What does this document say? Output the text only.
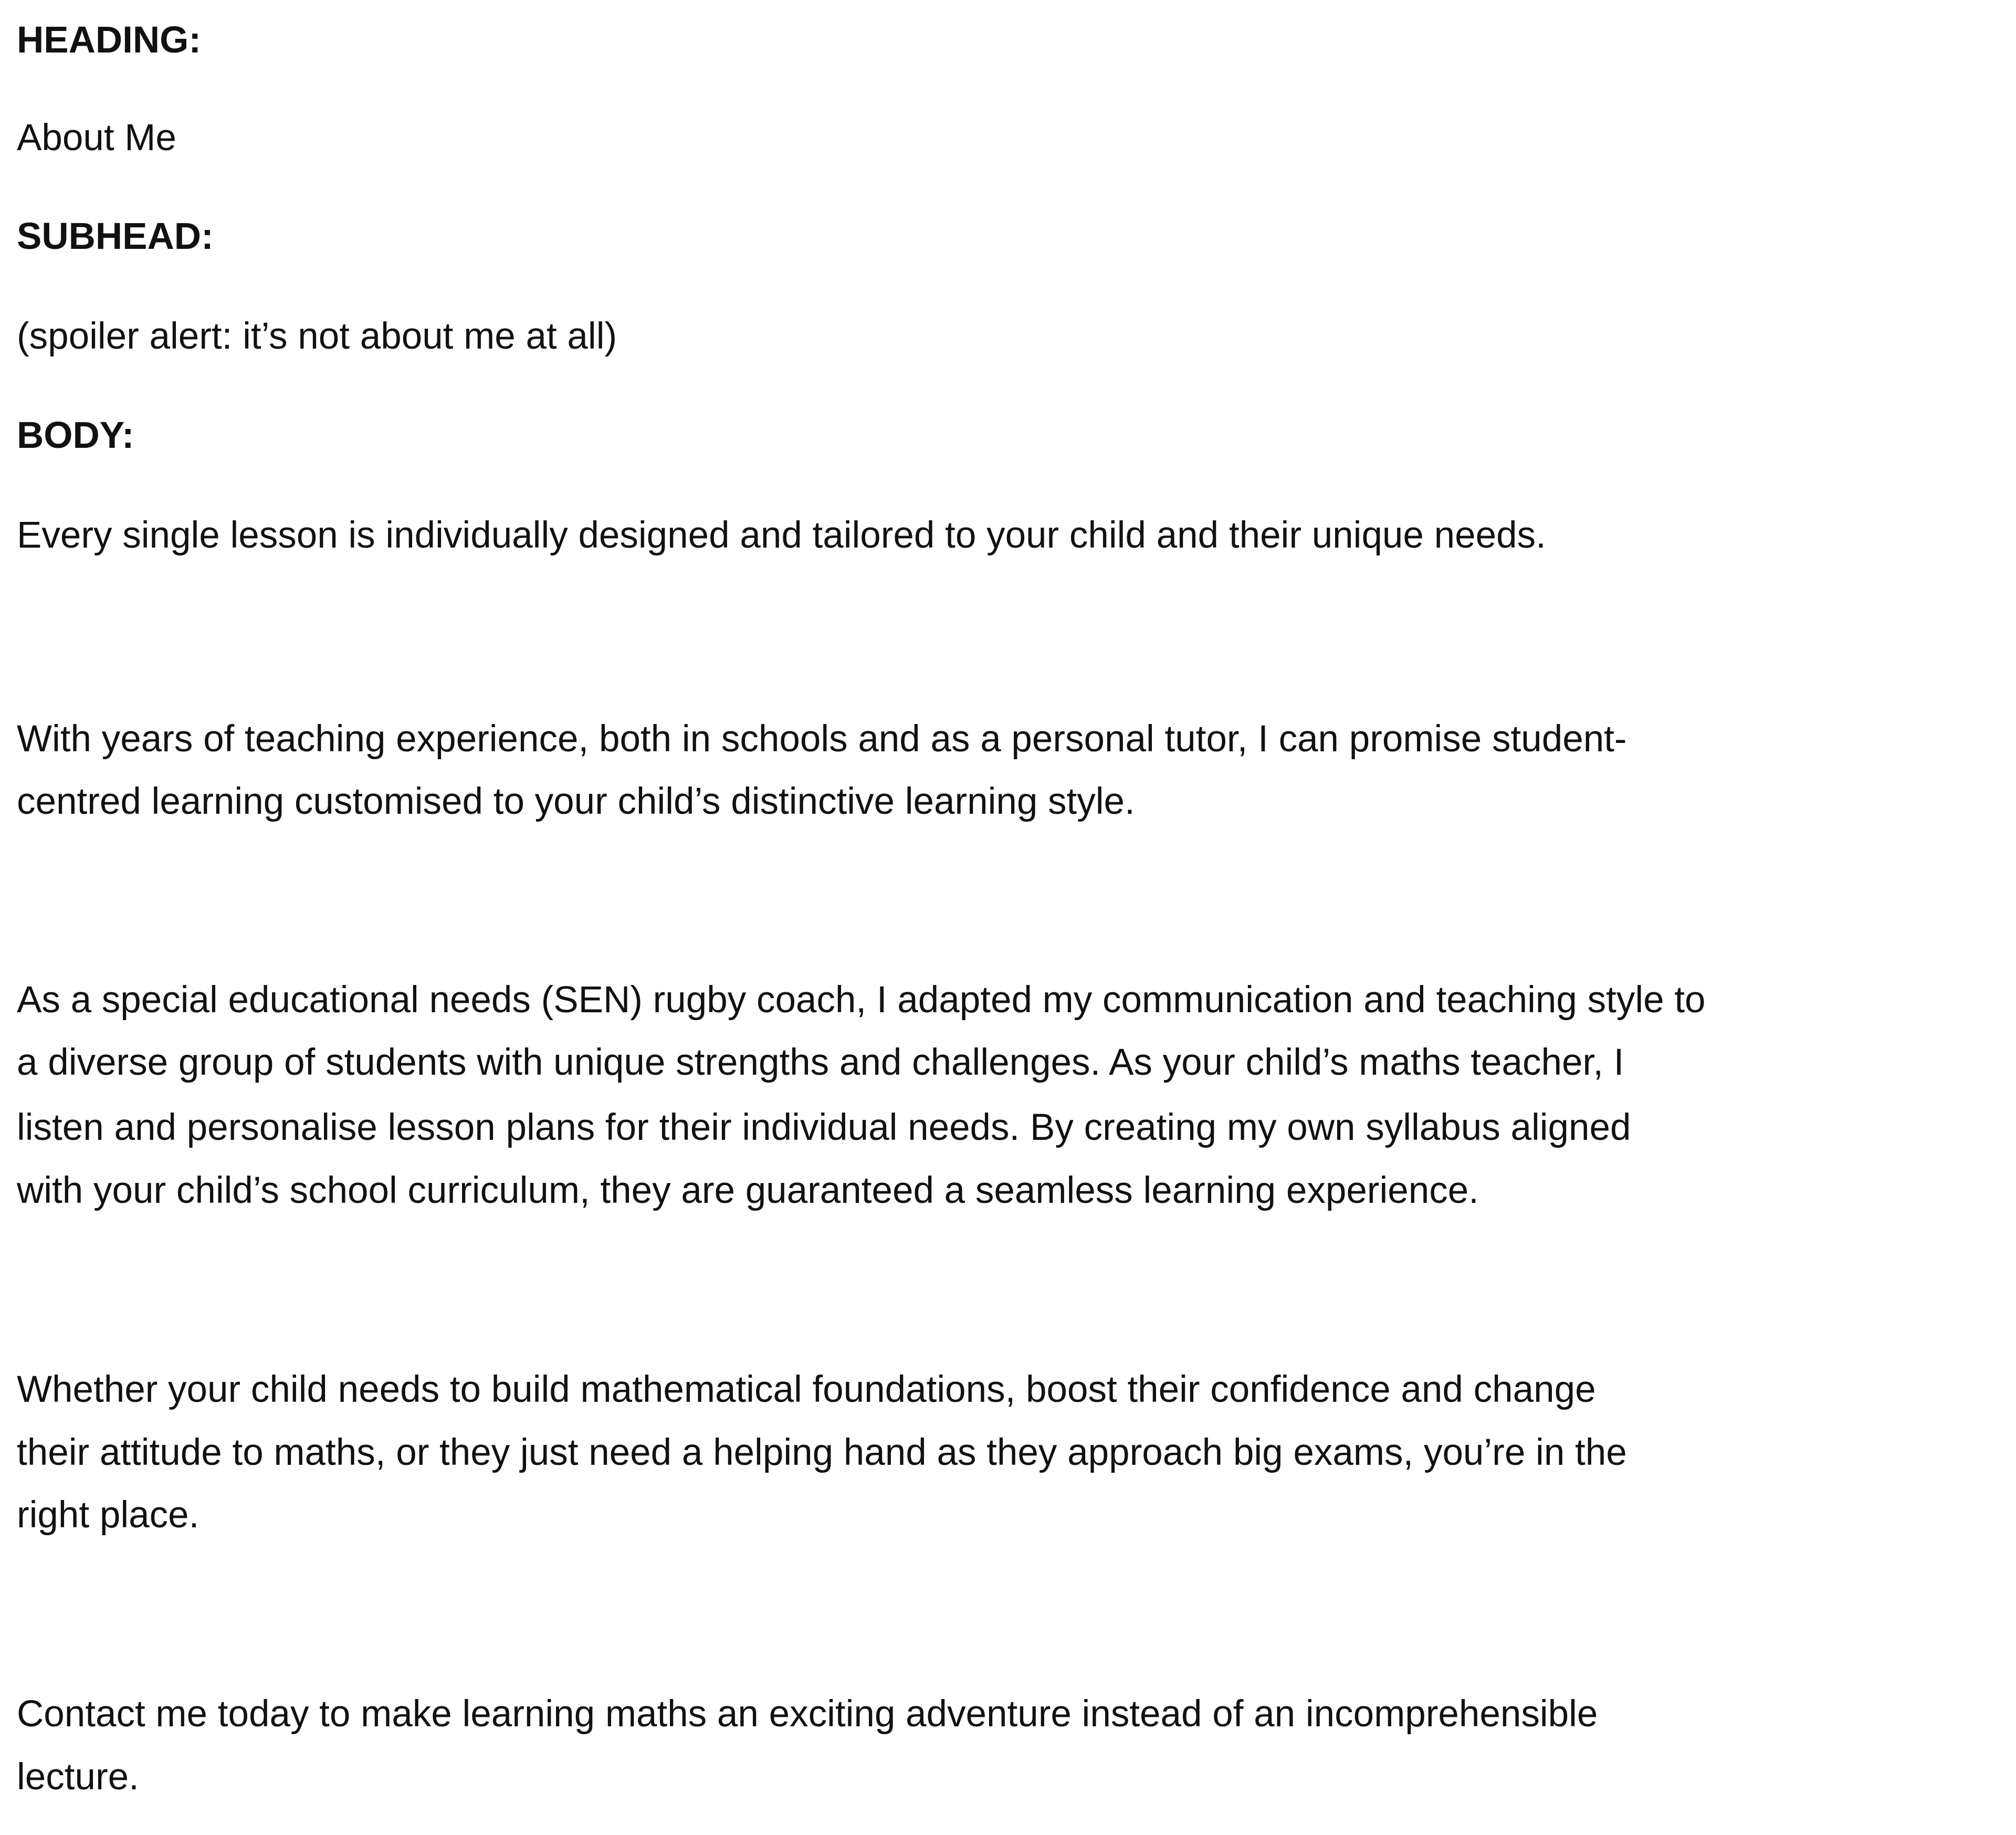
HEADING:

About Me

SUBHEAD:

(spoiler alert: it’s not about me at all)

BODY:

Every single lesson is individually designed and tailored to your child and their unique needs.

With years of teaching experience, both in schools and as a personal tutor, I can promise student-

centred learning customised to your child’s distinctive learning style.

As a special educational needs (SEN) rugby coach, I adapted my communication and teaching style to

a diverse group of students with unique strengths and challenges. As your child’s maths teacher, I

listen and personalise lesson plans for their individual needs. By creating my own syllabus aligned

with your child’s school curriculum, they are guaranteed a seamless learning experience.

Whether your child needs to build mathematical foundations, boost their confidence and change

their attitude to maths, or they just need a helping hand as they approach big exams, you’re in the

right place.

Contact me today to make learning maths an exciting adventure instead of an incomprehensible

lecture.
